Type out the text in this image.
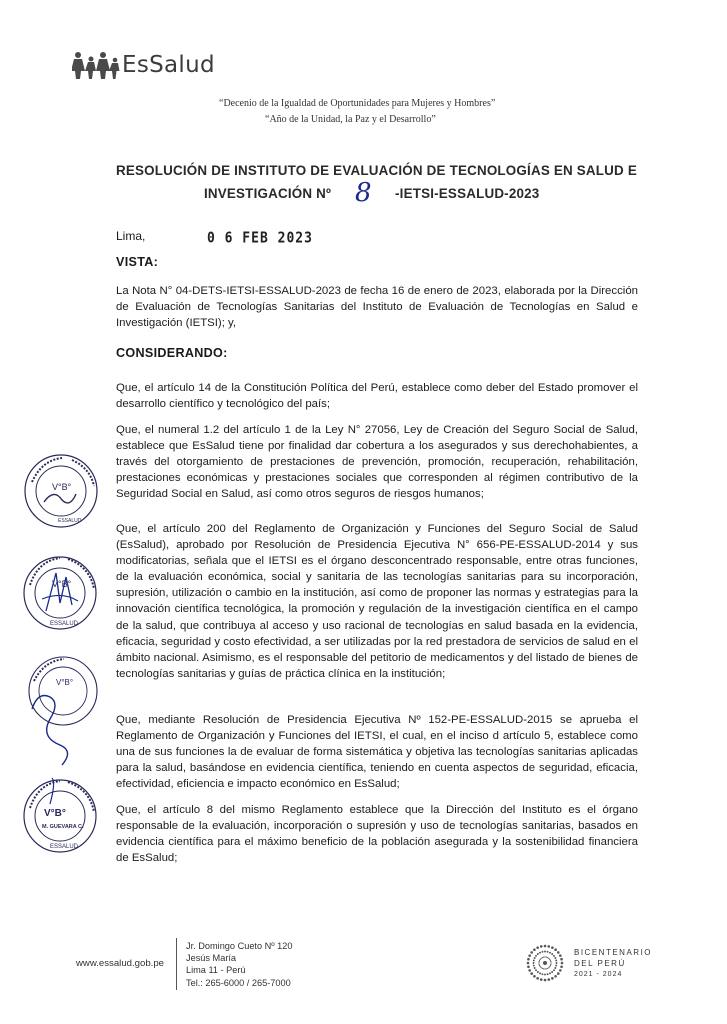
EsSalud
“Decenio de la Igualdad de Oportunidades para Mujeres y Hombres”
“Año de la Unidad, la Paz y el Desarrollo”
RESOLUCIÓN DE INSTITUTO DE EVALUACIÓN DE TECNOLOGÍAS EN SALUD E
INVESTIGACIÓN Nº 8 -IETSI-ESSALUD-2023
Lima,	0 6 FEB 2023
VISTA:
La Nota N° 04-DETS-IETSI-ESSALUD-2023 de fecha 16 de enero de 2023, elaborada por la Dirección de Evaluación de Tecnologías Sanitarias del Instituto de Evaluación de Tecnologías en Salud e Investigación (IETSI); y,
CONSIDERANDO:
Que, el artículo 14 de la Constitución Política del Perú, establece como deber del Estado promover el desarrollo científico y tecnológico del país;
Que, el numeral 1.2 del artículo 1 de la Ley N° 27056, Ley de Creación del Seguro Social de Salud, establece que EsSalud tiene por finalidad dar cobertura a los asegurados y sus derechohabientes, a través del otorgamiento de prestaciones de prevención, promoción, recuperación, rehabilitación, prestaciones económicas y prestaciones sociales que corresponden al régimen contributivo de la Seguridad Social en Salud, así como otros seguros de riesgos humanos;
Que, el artículo 200 del Reglamento de Organización y Funciones del Seguro Social de Salud (EsSalud), aprobado por Resolución de Presidencia Ejecutiva N° 656-PE-ESSALUD-2014 y sus modificatorias, señala que el IETSI es el órgano desconcentrado responsable, entre otras funciones, de la evaluación económica, social y sanitaria de las tecnologías sanitarias para su incorporación, supresión, utilización o cambio en la institución, así como de proponer las normas y estrategias para la innovación científica tecnológica, la promoción y regulación de la investigación científica en el campo de la salud, que contribuya al acceso y uso racional de tecnologías en salud basada en la evidencia, eficacia, seguridad y costo efectividad, a ser utilizadas por la red prestadora de servicios de salud en el ámbito nacional. Asimismo, es el responsable del petitorio de medicamentos y del listado de bienes de tecnologías sanitarias y guías de práctica clínica en la institución;
Que, mediante Resolución de Presidencia Ejecutiva Nº 152-PE-ESSALUD-2015 se aprueba el Reglamento de Organización y Funciones del IETSI, el cual, en el inciso d artículo 5, establece como una de sus funciones la de evaluar de forma sistemática y objetiva las tecnologías sanitarias aplicadas para la salud, basándose en evidencia científica, teniendo en cuenta aspectos de seguridad, eficacia, efectividad, eficiencia e impacto económico en EsSalud;
Que, el artículo 8 del mismo Reglamento establece que la Dirección del Instituto es el órgano responsable de la evaluación, incorporación o supresión y uso de tecnologías sanitarias, basados en evidencia científica para el máximo beneficio de la población asegurada y la sostenibilidad financiera de EsSalud;
V°B°
ESSALUD
V°B°
ESSALUD
V°B°
V°B°
M. GUEVARA C.
ESSALUD
www.essalud.gob.pe
Jr. Domingo Cueto Nº 120
Jesús María
Lima 11 - Perú
Tel.: 265-6000 / 265-7000
BICENTENARIO
DEL PERÚ
2021 - 2024
